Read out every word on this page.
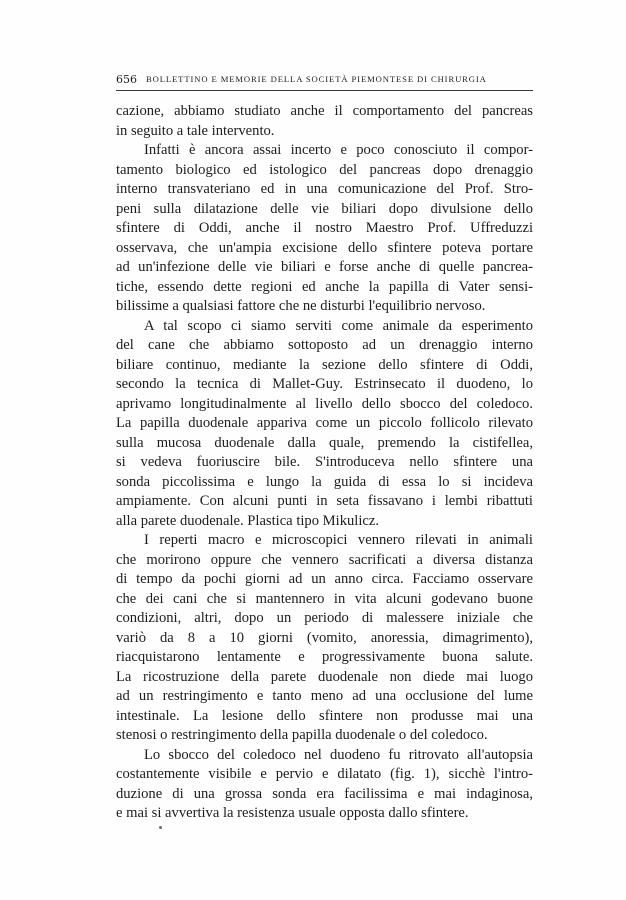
656 BOLLETTINO E MEMORIE DELLA SOCIETÀ PIEMONTESE DI CHIRURGIA
cazione, abbiamo studiato anche il comportamento del pancreas
in seguito a tale intervento.
Infatti è ancora assai incerto e poco conosciuto il compor-
tamento biologico ed istologico del pancreas dopo drenaggio
interno transvateriano ed in una comunicazione del Prof. Stro-
peni sulla dilatazione delle vie biliari dopo divulsione dello
sfintere di Oddi, anche il nostro Maestro Prof. Uffreduzzi
osservava, che un'ampia excisione dello sfintere poteva portare
ad un'infezione delle vie biliari e forse anche di quelle pancrea-
tiche, essendo dette regioni ed anche la papilla di Vater sensi-
bilissime a qualsiasi fattore che ne disturbi l'equilibrio nervoso.
A tal scopo ci siamo serviti come animale da esperimento
del cane che abbiamo sottoposto ad un drenaggio interno
biliare continuo, mediante la sezione dello sfintere di Oddi,
secondo la tecnica di Mallet-Guy. Estrinsecato il duodeno, lo
aprivamo longitudinalmente al livello dello sbocco del coledoco.
La papilla duodenale appariva come un piccolo follicolo rilevato
sulla mucosa duodenale dalla quale, premendo la cistifellea,
si vedeva fuoriuscire bile. S'introduceva nello sfintere una
sonda piccolissima e lungo la guida di essa lo si incideva
ampiamente. Con alcuni punti in seta fissavano i lembi ribattuti
alla parete duodenale. Plastica tipo Mikulicz.
I reperti macro e microscopici vennero rilevati in animali
che morirono oppure che vennero sacrificati a diversa distanza
di tempo da pochi giorni ad un anno circa. Facciamo osservare
che dei cani che si mantennero in vita alcuni godevano buone
condizioni, altri, dopo un periodo di malessere iniziale che
variò da 8 a 10 giorni (vomito, anoressia, dimagrimento),
riacquistarono lentamente e progressivamente buona salute.
La ricostruzione della parete duodenale non diede mai luogo
ad un restringimento e tanto meno ad una occlusione del lume
intestinale. La lesione dello sfintere non produsse mai una
stenosi o restringimento della papilla duodenale o del coledoco.
Lo sbocco del coledoco nel duodeno fu ritrovato all'autopsia
costantemente visibile e pervio e dilatato (fig. 1), sicchè l'intro-
duzione di una grossa sonda era facilissima e mai indaginosa,
e mai si avvertiva la resistenza usuale opposta dallo sfintere.
